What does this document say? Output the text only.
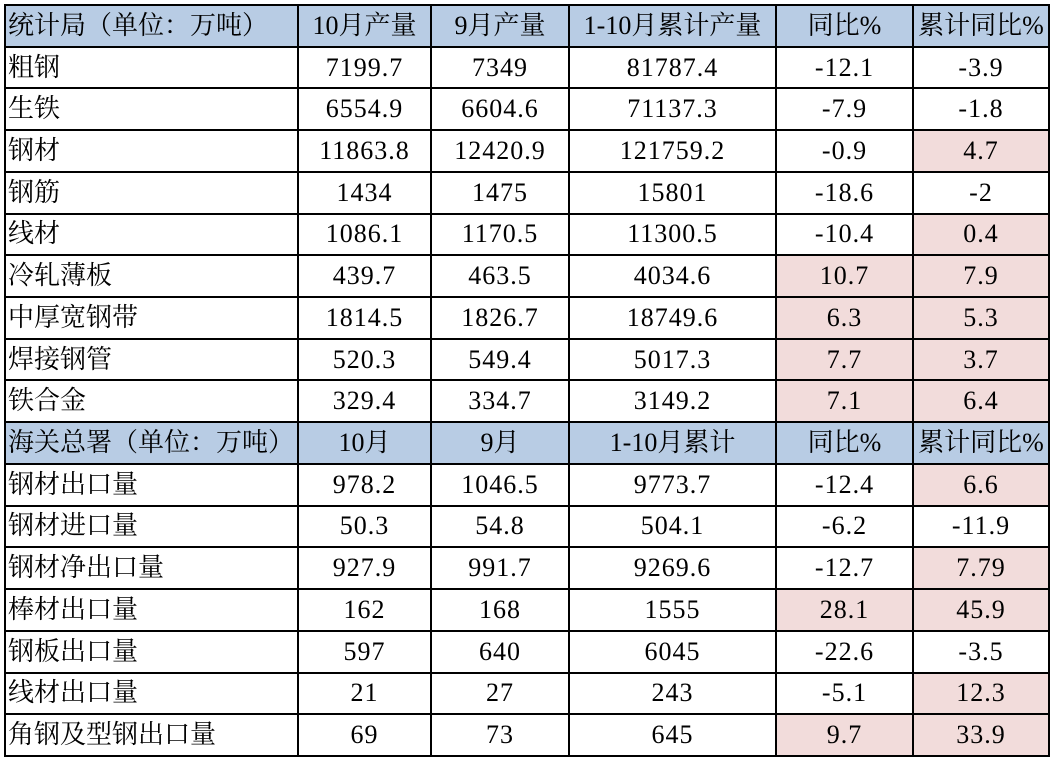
统计局（单位：万吨）	10月产量	9月产量	1-10月累计产量	同比%	累计同比%
粗钢	7199.7	7349	81787.4	-12.1	-3.9
生铁	6554.9	6604.6	71137.3	-7.9	-1.8
钢材	11863.8	12420.9	121759.2	-0.9	4.7
钢筋	1434	1475	15801	-18.6	-2
线材	1086.1	1170.5	11300.5	-10.4	0.4
冷轧薄板	439.7	463.5	4034.6	10.7	7.9
中厚宽钢带	1814.5	1826.7	18749.6	6.3	5.3
焊接钢管	520.3	549.4	5017.3	7.7	3.7
铁合金	329.4	334.7	3149.2	7.1	6.4
海关总署（单位：万吨）	10月	9月	1-10月累计	同比%	累计同比%
钢材出口量	978.2	1046.5	9773.7	-12.4	6.6
钢材进口量	50.3	54.8	504.1	-6.2	-11.9
钢材净出口量	927.9	991.7	9269.6	-12.7	7.79
棒材出口量	162	168	1555	28.1	45.9
钢板出口量	597	640	6045	-22.6	-3.5
线材出口量	21	27	243	-5.1	12.3
角钢及型钢出口量	69	73	645	9.7	33.9
